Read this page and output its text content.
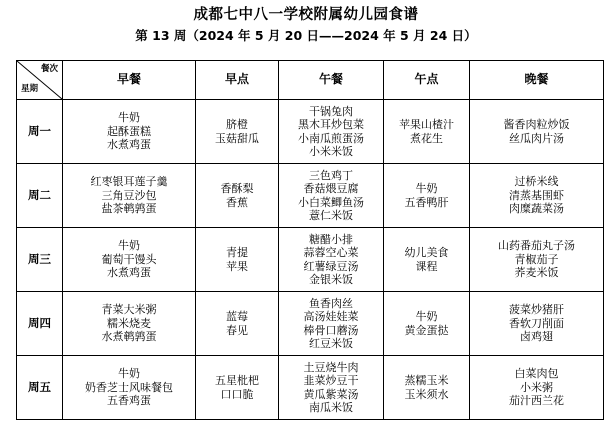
成都七中八一学校附属幼儿园食谱
第 13 周（2024 年 5 月 20 日——2024 年 5 月 24 日）
餐次
星期	早餐	早点	午餐	午点	晚餐
周一	牛奶
起酥蛋糕
水煮鸡蛋	脐橙
玉菇甜瓜	干锅兔肉
黑木耳炒包菜
小南瓜煎蛋汤
小米米饭	苹果山楂汁
煮花生	酱香肉粒炒饭
丝瓜肉片汤

周二	红枣银耳莲子羹
三角豆沙包
盐茶鹌鹑蛋	香酥梨
香蕉	三色鸡丁
香菇煨豆腐
小白菜鲫鱼汤
薏仁米饭	牛奶
五香鸭肝	过桥米线
清蒸基围虾
肉糜蔬菜汤

周三	牛奶
葡萄干馒头
水煮鸡蛋	青提
苹果	糖醋小排
蒜蓉空心菜
红薯绿豆汤
金银米饭	幼儿美食
课程	山药番茄丸子汤
青椒茄子
荞麦米饭

周四	青菜大米粥
糯米烧麦
水煮鹌鹑蛋	蓝莓
春见	鱼香肉丝
高汤娃娃菜
棒骨口蘑汤
红豆米饭	牛奶
黄金蛋挞	菠菜炒猪肝
香软刀削面
卤鸡翅

周五	牛奶
奶香芝士风味餐包
五香鸡蛋	五星枇杷
口口脆	土豆烧牛肉
韭菜炒豆干
黄瓜紫菜汤
南瓜米饭	蒸糯玉米
玉米须水	白菜肉包
小米粥
茄汁西兰花
